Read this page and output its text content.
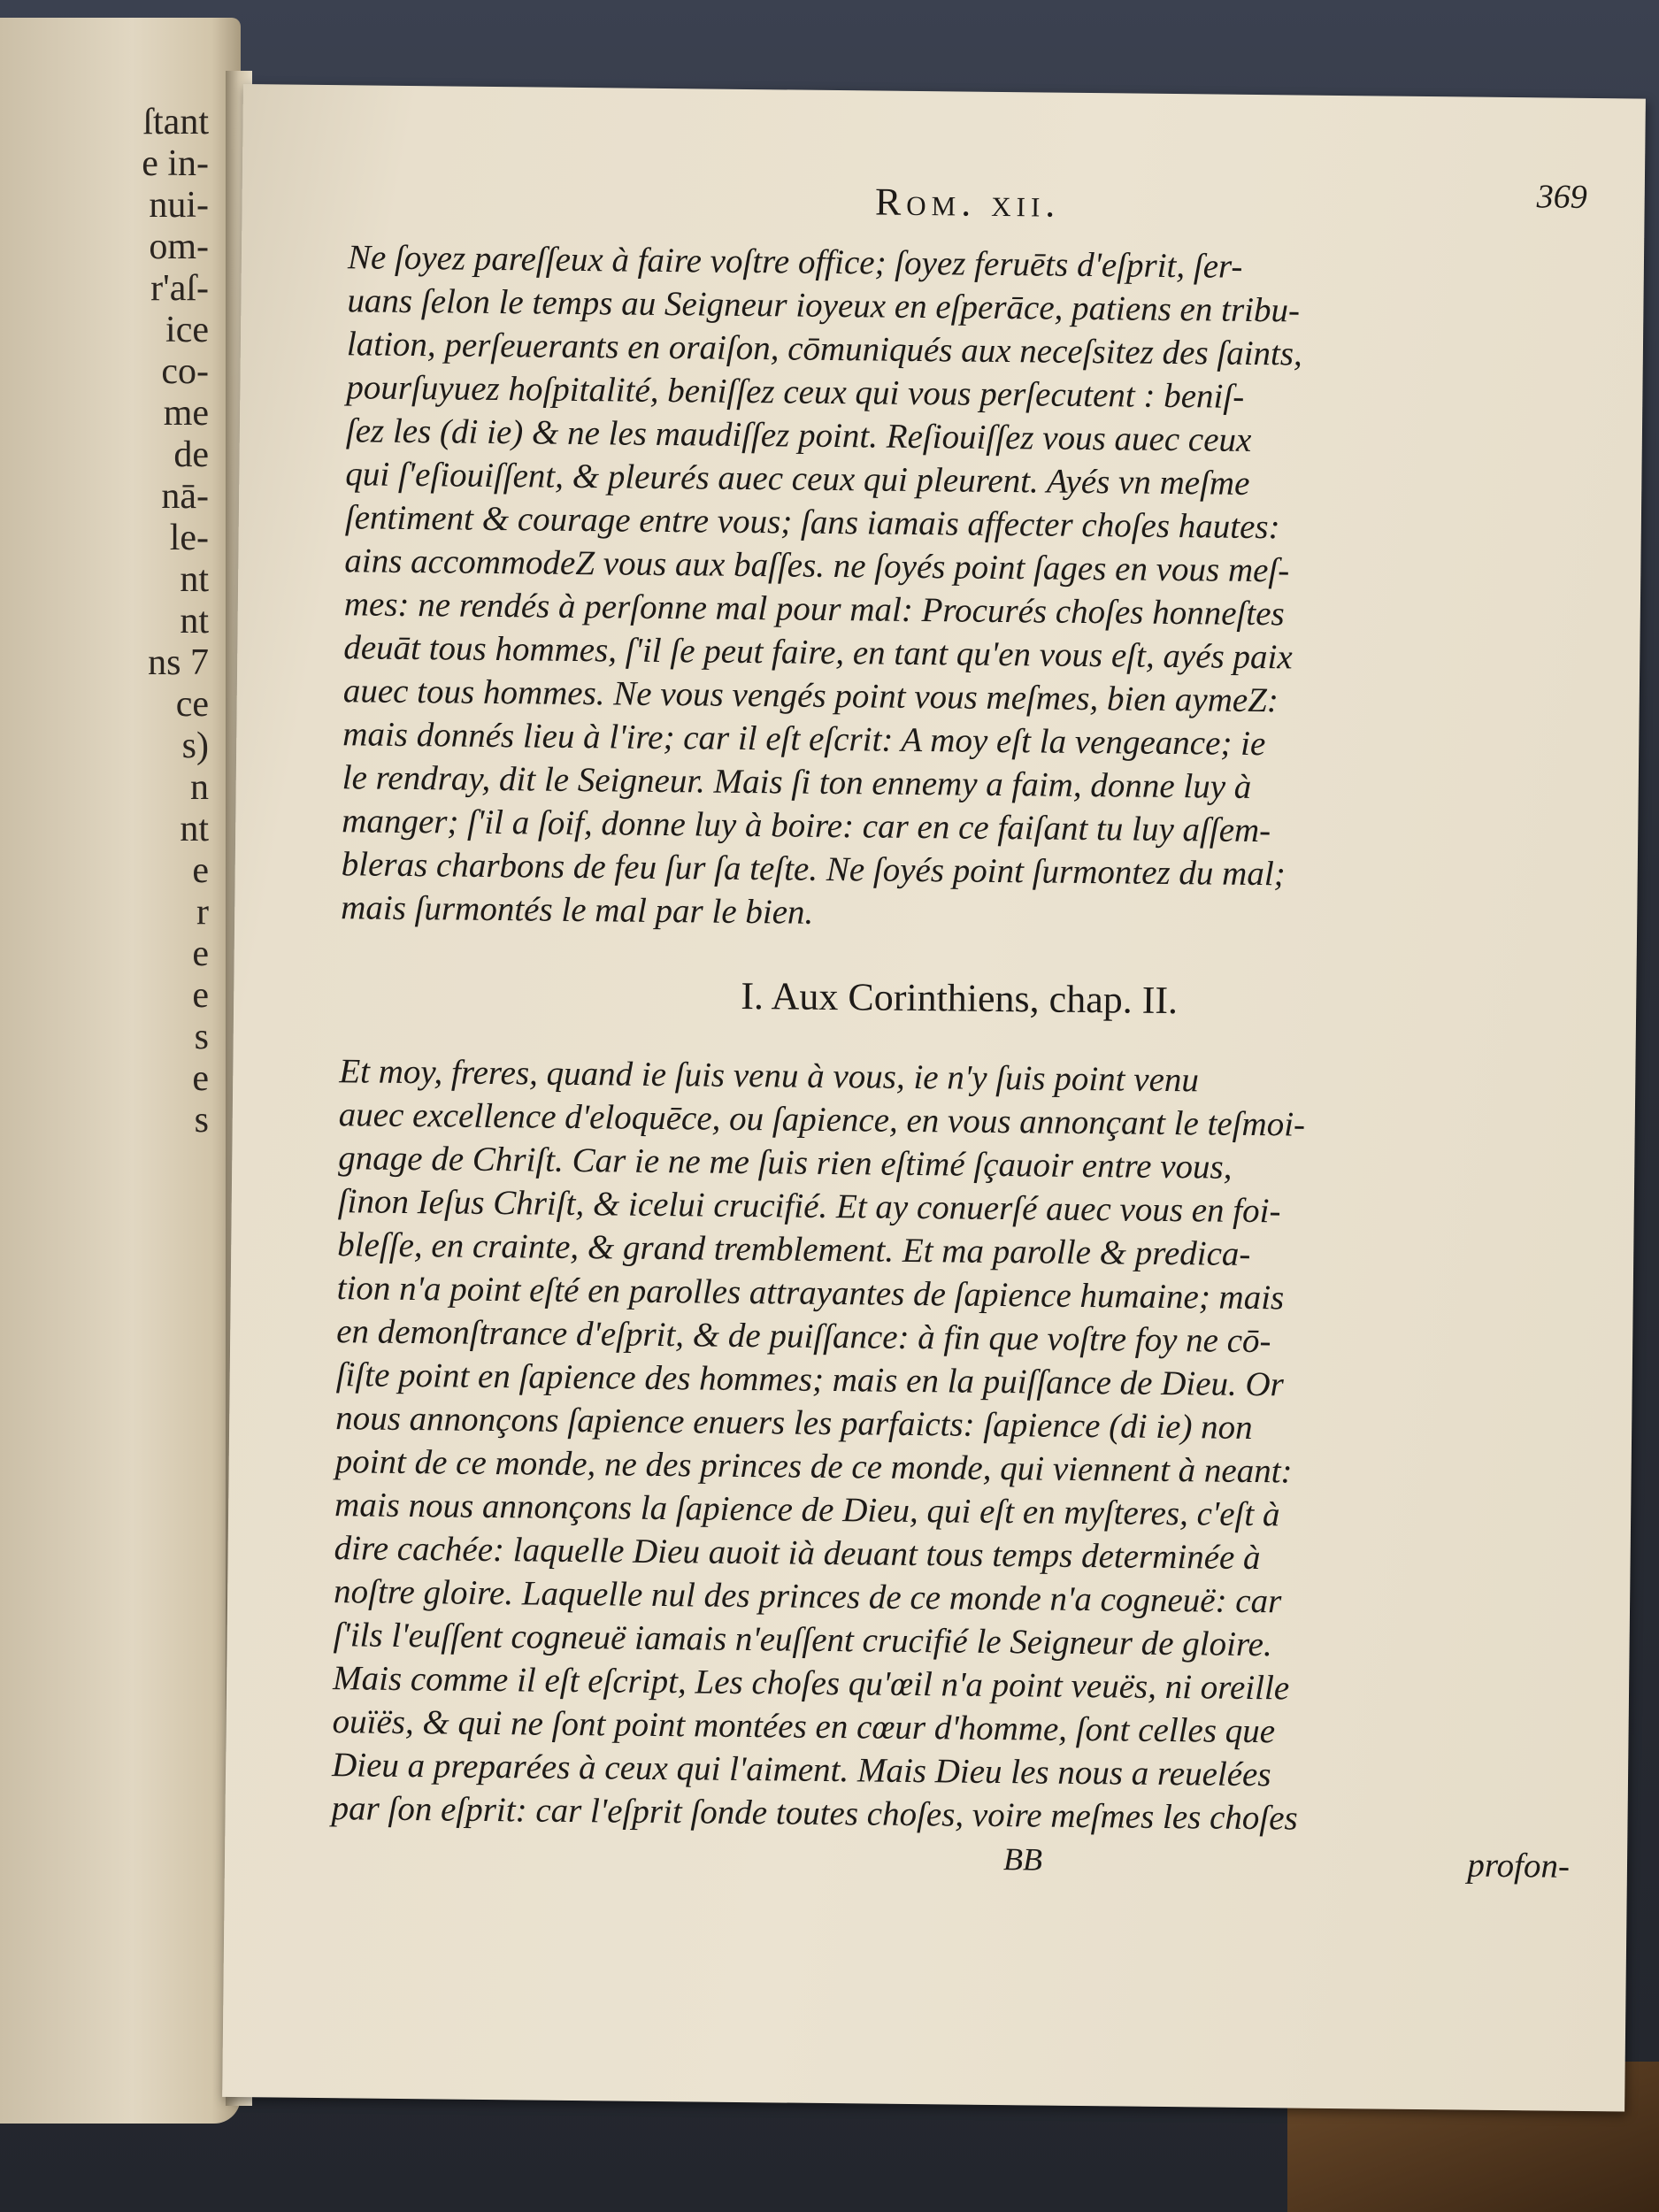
ſtant
e in-
nui-
om-
r'aſ-
ice
co-
me
de
nā-
le-
nt
nt
ns 7
ce
s)
n
nt
e
r
e
e
s
e
s
Rom. xii.	369
Ne ſoyez pareſſeux à faire voſtre office; ſoyez feruēts d'eſprit, ſer-
uans ſelon le temps au Seigneur ioyeux en eſperāce, patiens en tribu-
lation, perſeuerants en oraiſon, cōmuniqués aux neceſsitez des ſaints,
pourſuyuez hoſpitalité, beniſſez ceux qui vous perſecutent : beniſ-
ſez les (di ie) & ne les maudiſſez point. Reſiouiſſez vous auec ceux
qui ſ'eſiouiſſent, & pleurés auec ceux qui pleurent. Ayés vn meſme
ſentiment & courage entre vous; ſans iamais affecter choſes hautes:
ains accommodeZ vous aux baſſes. ne ſoyés point ſages en vous meſ-
mes: ne rendés à perſonne mal pour mal: Procurés choſes honneſtes
deuāt tous hommes, ſ'il ſe peut faire, en tant qu'en vous eſt, ayés paix
auec tous hommes. Ne vous vengés point vous meſmes, bien aymeZ:
mais donnés lieu à l'ire; car il eſt eſcrit: A moy eſt la vengeance; ie
le rendray, dit le Seigneur. Mais ſi ton ennemy a faim, donne luy à
manger; ſ'il a ſoif, donne luy à boire: car en ce faiſant tu luy aſſem-
bleras charbons de feu ſur ſa teſte. Ne ſoyés point ſurmontez du mal;
mais ſurmontés le mal par le bien.
I. Aux Corinthiens, chap. II.
Et moy, freres, quand ie ſuis venu à vous, ie n'y ſuis point venu
auec excellence d'eloquēce, ou ſapience, en vous annonçant le teſmoi-
gnage de Chriſt. Car ie ne me ſuis rien eſtimé ſçauoir entre vous,
ſinon Ieſus Chriſt, & icelui crucifié. Et ay conuerſé auec vous en foi-
bleſſe, en crainte, & grand tremblement. Et ma parolle & predica-
tion n'a point eſté en parolles attrayantes de ſapience humaine; mais
en demonſtrance d'eſprit, & de puiſſance: à fin que voſtre foy ne cō-
ſiſte point en ſapience des hommes; mais en la puiſſance de Dieu. Or
nous annonçons ſapience enuers les parfaicts: ſapience (di ie) non
point de ce monde, ne des princes de ce monde, qui viennent à neant:
mais nous annonçons la ſapience de Dieu, qui eſt en myſteres, c'eſt à
dire cachée: laquelle Dieu auoit ià deuant tous temps determinée à
noſtre gloire. Laquelle nul des princes de ce monde n'a cogneuë: car
ſ'ils l'euſſent cogneuë iamais n'euſſent crucifié le Seigneur de gloire.
Mais comme il eſt eſcript, Les choſes qu'œil n'a point veuës, ni oreille
ouïës, & qui ne ſont point montées en cœur d'homme, ſont celles que
Dieu a preparées à ceux qui l'aiment. Mais Dieu les nous a reuelées
par ſon eſprit: car l'eſprit ſonde toutes choſes, voire meſmes les choſes
BB	profon-
